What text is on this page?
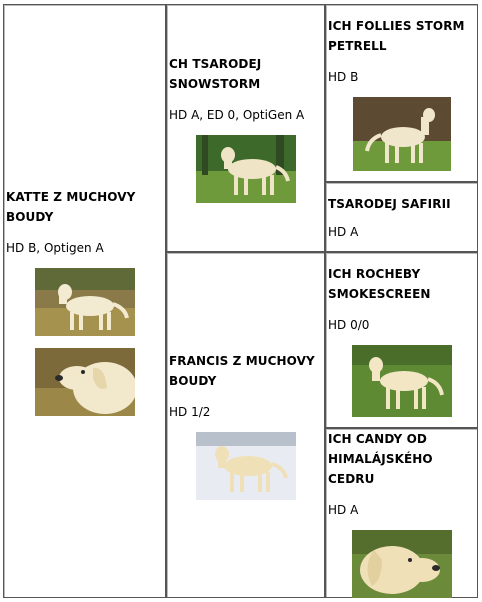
KATTE Z MUCHOVY BOUDY
HD B, Optigen A
CH TSARODEJ SNOWSTORM
HD A, ED 0, OptiGen A
FRANCIS Z MUCHOVY BOUDY
HD 1/2
ICH FOLLIES STORM PETRELL
HD B
TSARODEJ SAFIRII
HD A
ICH ROCHEBY SMOKESCREEN
HD 0/0
ICH CANDY OD HIMALÁJSKÉHO CEDRU
HD A
